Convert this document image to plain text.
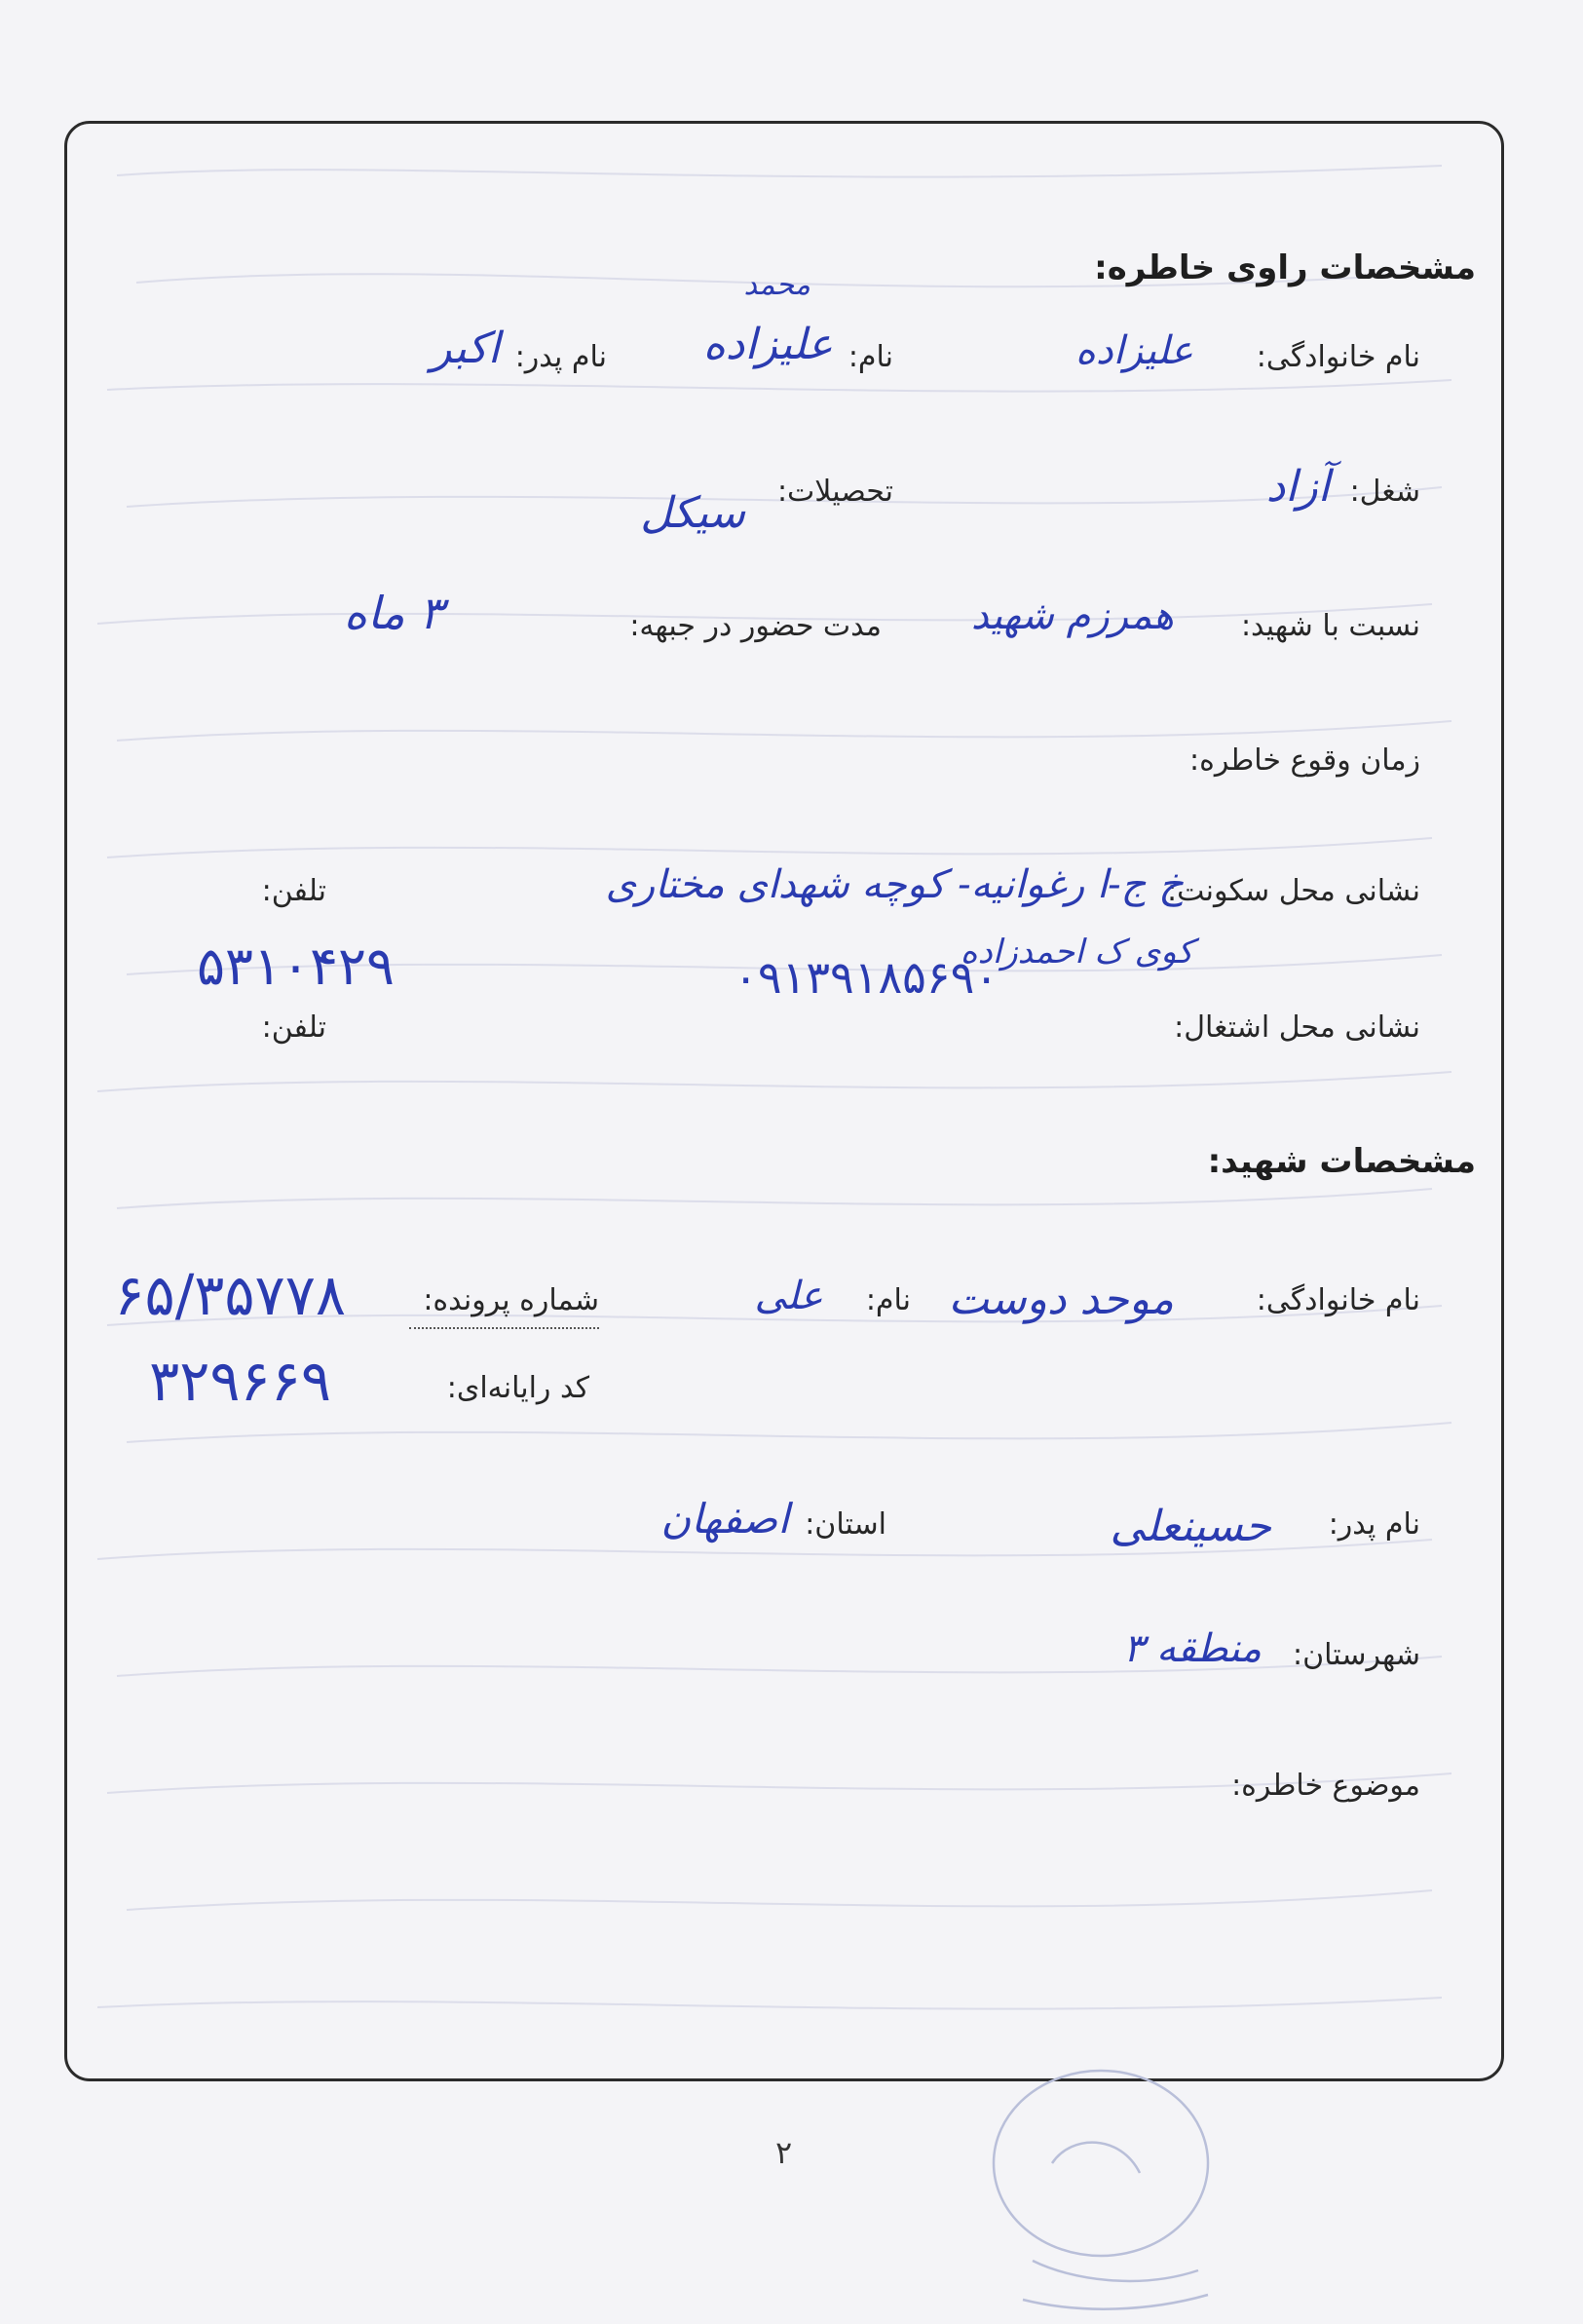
مشخصات راوی خاطره:
نام خانوادگی:
علیزاده
نام:
محمد
علیزاده
نام پدر:
اکبر
شغل:
آزاد
تحصیلات:
سیکل
نسبت با شهید:
همرزم شهید
مدت حضور در جبهه:
۳ ماه
زمان وقوع خاطره:
نشانی محل سکونت:
خ ج-ا رغوانیه- کوچه شهدای مختاری
کوی ک احمدزاده
تلفن:
۵۳۱۰۴۲۹	۰۹۱۳۹۱۸۵۶۹۰
نشانی محل اشتغال:
تلفن:
مشخصات شهید:
نام خانوادگی:
موحد دوست
نام:
علی
شماره پرونده:
۶۵/۳۵۷۷۸
کد رایانه‌ای:
۳۲۹۶۶۹
نام پدر:
حسینعلی
استان:
اصفهان
شهرستان:
منطقه ۳
موضوع خاطره:
۲
